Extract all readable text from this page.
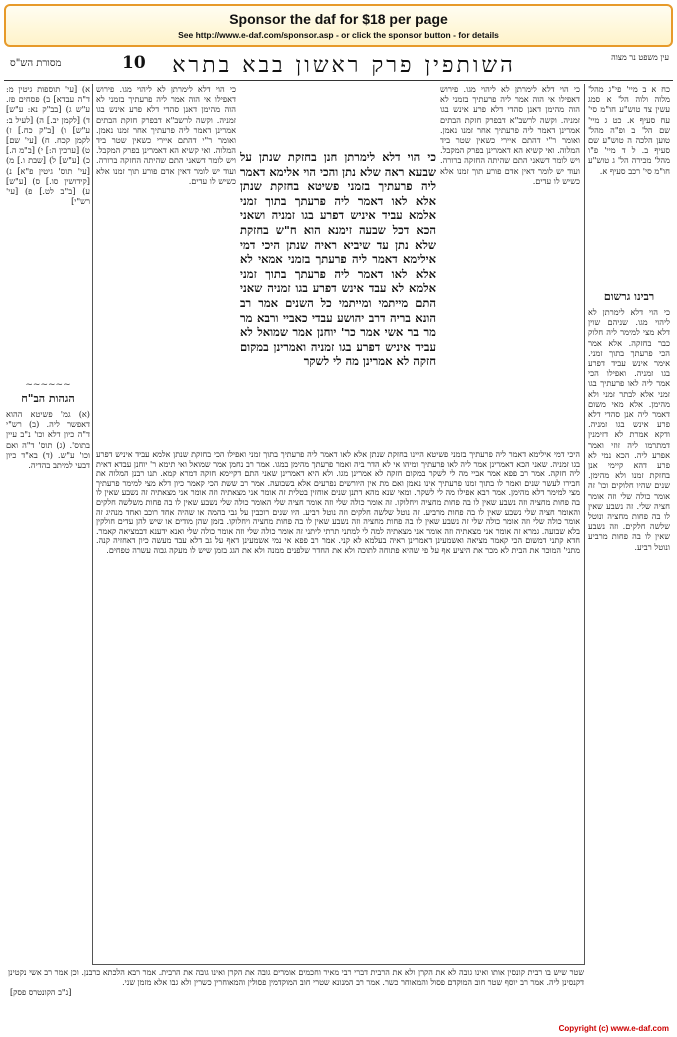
Sponsor the daf for $18 per page
See http://www.e-daf.com/sponsor.asp - or click the sponsor button - for details
מסורת הש"ס	10	השותפין פרק ראשון בבא בתרא	עין משפט נר מצוה
א) [עי' תוספות גיטין מ: ד"ה עבדא] ב) פסחים פז. ע"ש ג) [בב"ק נא: ע"ש] ד) [לקמן יב.] ה) [לעיל ב: ע"ש] ו) [ב"ק כח.] ז) לקמן קכח. ח) [עי' שם] ט) [ערכין ה:] י) [ב"מ ה.] כ) [ע"ש] ל) [שבת ו.] מ) [עי' תוס' גיטין פ"א] נ) [קידושין סו.] ס) [ע"ש] ע) [ב"ב לט.] פ) [עי' רש"י]
~~~~~~
הגהות הב"ח
(א) גמ' פשיטא ההוא דאפשר ליה. (ב) רש"י ד"ה כיון דלא וכו' נ"ב עיין בתוס'. (ג) תוס' ד"ה ואם וכו' ע"ש. (ד) בא"ד כיון דבעי למיתב בהדיה.
כי הוי דלא לימרתן לא ליהוי מגו. פירוש דאפילו אי הוה אמר ליה פרעתיך בזמני לא הוה מהימן דאנן סהדי דלא פרע אינש בגו זמניה. וקשה לרשב"א דבפרק חזקת הבתים אמרינן דאמר ליה פרעתיך אחר זמנו נאמן. ואומר ר"י דהתם איירי כשאין שטר ביד המלוה. ואי קשיא הא דאמרינן בפרק המקבל. ויש לומר דשאני התם שהיתה החזקה ברורה. ועוד יש לומר דאין אדם פורע תוך זמנו אלא כשיש לו עדים.
כי הוי דלא לימרתן חנן בחזקת שנתן על שבעא ראה שלא נתן והכי הוי אלימא דאמר ליה פרעתיך בזמני פשיטא בחזקת שנתן אלא לאו דאמר ליה פרעתך בתוך זמני אלמא עביד איניש דפרע בגו זמניה ושאני הכא דכל שבעה זימנא הוא ח"ש בחזקת שלא נתן עד שיביא ראיה שנתן היכי דמי אילימא דאמר ליה פרעתך בזמני אמאי לא אלא לאו דאמר ליה פרעתך בתוך זמני אלמא לא עבד אינש דפרע בגו זמניה שאני התם מייתמי ומייתמי כל השנים אמר רב הונא בריה דרב יהושע עבדי כאביי ורבא מר מר בר אשי אמר כר' יוחנן אמר שמואל לא עביד איניש דפרע בגו זמניה ואמרינן במקום חזקה לא אמרינן מה לי לשקר
כי הוי דלא לימרתן לא ליהוי מגו. פירוש דאפילו אי הוה אמר ליה פרעתיך בזמני לא הוה מהימן דאנן סהדי דלא פרע אינש בגו זמניה. וקשה לרשב"א דבפרק חזקת הבתים אמרינן דאמר ליה פרעתיך אחר זמנו נאמן. ואומר ר"י דהתם איירי כשאין שטר ביד המלוה. ואי קשיא הא דאמרינן בפרק המקבל. ויש לומר דשאני התם שהיתה החזקה ברורה. ועוד יש לומר דאין אדם פורע תוך זמנו אלא כשיש לו עדים.
כח א ב מיי' פי"ג מהל' מלוה ולוה הל' א סמג עשין צד טוש"ע חו"מ סי' עח סעיף א. כט ג מיי' שם הל' ב ופ"ה מהל' טוען הלכה ה טוש"ע שם סעיף ב. ל ד מיי' פ"ו מהל' מכירה הל' ג טוש"ע חו"מ סי' רכב סעיף א.
רבינו גרשום
כי הוי דלא לימרתן לא ליהוי מגו. שניהם שוין דלא מצי למימר ליה חלוק כבר בחזקה. אלא אמר הכי פרעתך בתוך זמני. אימר אינש עביד דפרע בגו זמניה. ואפילו הכי אמר ליה לאו פרעתיך בגו זמני אלא לבתר זמני ולא מהימן. אלא מאי משום דאמר ליה אנן סהדי דלא פרע אינש בגו זמניה. ודקא אמרת לא דזימנין דמתרמו ליה זוזי ואמר אפרע ליה. הכא נמי לא פרע דהא קיימי אנן בחזקת זמנו ולא מהימן. שנים שהיו חלוקים וכו' זה אומר כולה שלי וזה אומר חציה שלי. זה נשבע שאין לו בה פחות מחציה ונוטל שלשה חלקים. וזה נשבע שאין לו בה פחות מרביע ונוטל רביע.
היכי דמי אילימא דאמר ליה פרעתיך בזמני פשיטא היינו בחזקת שנתן אלא לאו דאמר ליה פרעתיך בתוך זמני ואפילו הכי בחזקת שנתן אלמא עביד איניש דפרע בגו זמניה. שאני הכא דאמרינן אמר ליה לאו פרעתיך ומיהו אי לא הדר ביה ואמר פרעתך מהימן במגו. אמר רב נחמן אמר שמואל ואי תימא ר' יוחנן עבדא דאית ליה חזקה. אמר רב פפא אמר אביי מה לי לשקר במקום חזקה לא אמרינן מגו. ולא היא דאמרינן שאני התם דקיימא חזקה דמרא קמא. תנו רבנן המלוה את חבירו לעשר שנים ואמר לו בתוך זמנו פרעתיך אינו נאמן ואם מת אין היורשים נפרעים אלא בשבועה. אמר רב ששת הכי קאמר כיון דלא מצי למימר פרעתיך מצי למימר דלא מהימן. אמר רבא אפילו מה לי לשקר. ומאי שנא מהא דתנן שנים אוחזין בטלית זה אומר אני מצאתיה וזה אומר אני מצאתיה זה נשבע שאין לו בה פחות מחציה וזה נשבע שאין לו בה פחות מחציה ויחלוקו. זה אומר כולה שלי וזה אומר חציה שלי האומר כולה שלי נשבע שאין לו בה פחות משלשה חלקים והאומר חציה שלי נשבע שאין לו בה פחות מרביע. זה נוטל שלשה חלקים וזה נוטל רביע. היו שנים רוכבין על גבי בהמה או שהיה אחד רוכב ואחד מנהיג זה אומר כולה שלי וזה אומר כולה שלי זה נשבע שאין לו בה פחות מחציה וזה נשבע שאין לו בה פחות מחציה ויחלוקו. בזמן שהן מודים או שיש להן עדים חולקין בלא שבועה. גמרא זה אומר אני מצאתיה וזה אומר אני מצאתיה למה לי למתני תרתי ליתני זה אומר כולה שלי וזה אומר כולה שלי ואנא ידענא דבמציאה קאמר. חדא קתני דמשום הכי קאמר מציאה ואשמעינן דאמרינן ראיה בעלמא לא קני. אמר רב פפא אי נמי אשמעינן דאף על גב דלא עבד מעשה כיון דאחזיה קנה. מתני' המוכר את הבית לא מכר את היציע אף על פי שהיא פתוחה לתוכה ולא את החדר שלפנים ממנה ולא את הגג בזמן שיש לו מעקה גבוה עשרה טפחים.
שטר שיש בו רבית קונסין אותו ואינו גובה לא את הקרן ולא את הרבית דברי רבי מאיר וחכמים אומרים גובה את הקרן ואינו גובה את הרבית. אמר רבא הלכתא כרבנן. וכן אמר רב אשי נקטינן דקנסינן ליה. אמר רב יוסף שטר חוב המוקדם פסול והמאוחר כשר. אמר רב המנונא שטרי חוב המוקדמין פסולין והמאוחרין כשרין ולא גבו אלא מזמן שני.
[נ"ב הקונטרס פסק]
Copyright (c) www.e-daf.com
